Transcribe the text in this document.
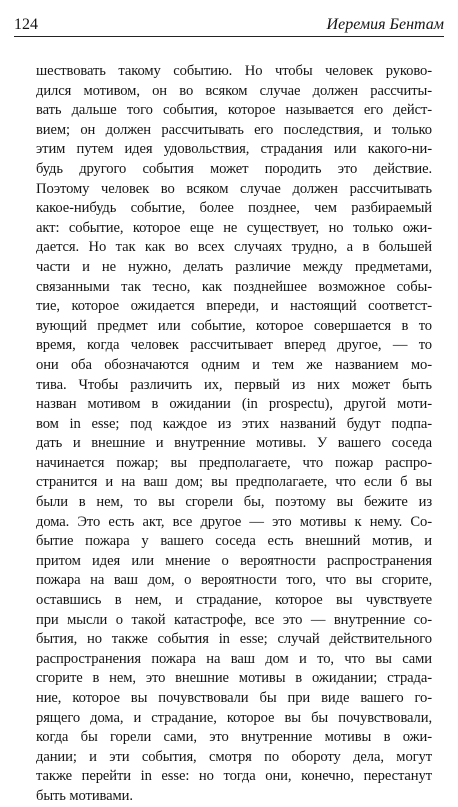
124	Иеремия Бентам
шествовать такому событию. Но чтобы человек руково-
дился мотивом, он во всяком случае должен рассчиты-
вать дальше того события, которое называется его дейст-
вием; он должен рассчитывать его последствия, и только
этим путем идея удовольствия, страдания или какого-ни-
будь другого события может породить это действие.
Поэтому человек во всяком случае должен рассчитывать
какое-нибудь событие, более позднее, чем разбираемый
акт: событие, которое еще не существует, но только ожи-
дается. Но так как во всех случаях трудно, а в большей
части и не нужно, делать различие между предметами,
связанными так тесно, как позднейшее возможное собы-
тие, которое ожидается впереди, и настоящий соответст-
вующий предмет или событие, которое совершается в то
время, когда человек рассчитывает вперед другое, — то
они оба обозначаются одним и тем же названием мо-
тива. Чтобы различить их, первый из них может быть
назван мотивом в ожидании (in prospectu), другой моти-
вом in esse; под каждое из этих названий будут подпа-
дать и внешние и внутренние мотивы. У вашего соседа
начинается пожар; вы предполагаете, что пожар распро-
странится и на ваш дом; вы предполагаете, что если б вы
были в нем, то вы сгорели бы, поэтому вы бежите из
дома. Это есть акт, все другое — это мотивы к нему. Со-
бытие пожара у вашего соседа есть внешний мотив, и
притом идея или мнение о вероятности распространения
пожара на ваш дом, о вероятности того, что вы сгорите,
оставшись в нем, и страдание, которое вы чувствуете
при мысли о такой катастрофе, все это — внутренние со-
бытия, но также события in esse; случай действительного
распространения пожара на ваш дом и то, что вы сами
сгорите в нем, это внешние мотивы в ожидании; страда-
ние, которое вы почувствовали бы при виде вашего го-
рящего дома, и страдание, которое вы бы почувствовали,
когда бы горели сами, это внутренние мотивы в ожи-
дании; и эти события, смотря по обороту дела, могут
также перейти in esse: но тогда они, конечно, перестанут
быть мотивами.
